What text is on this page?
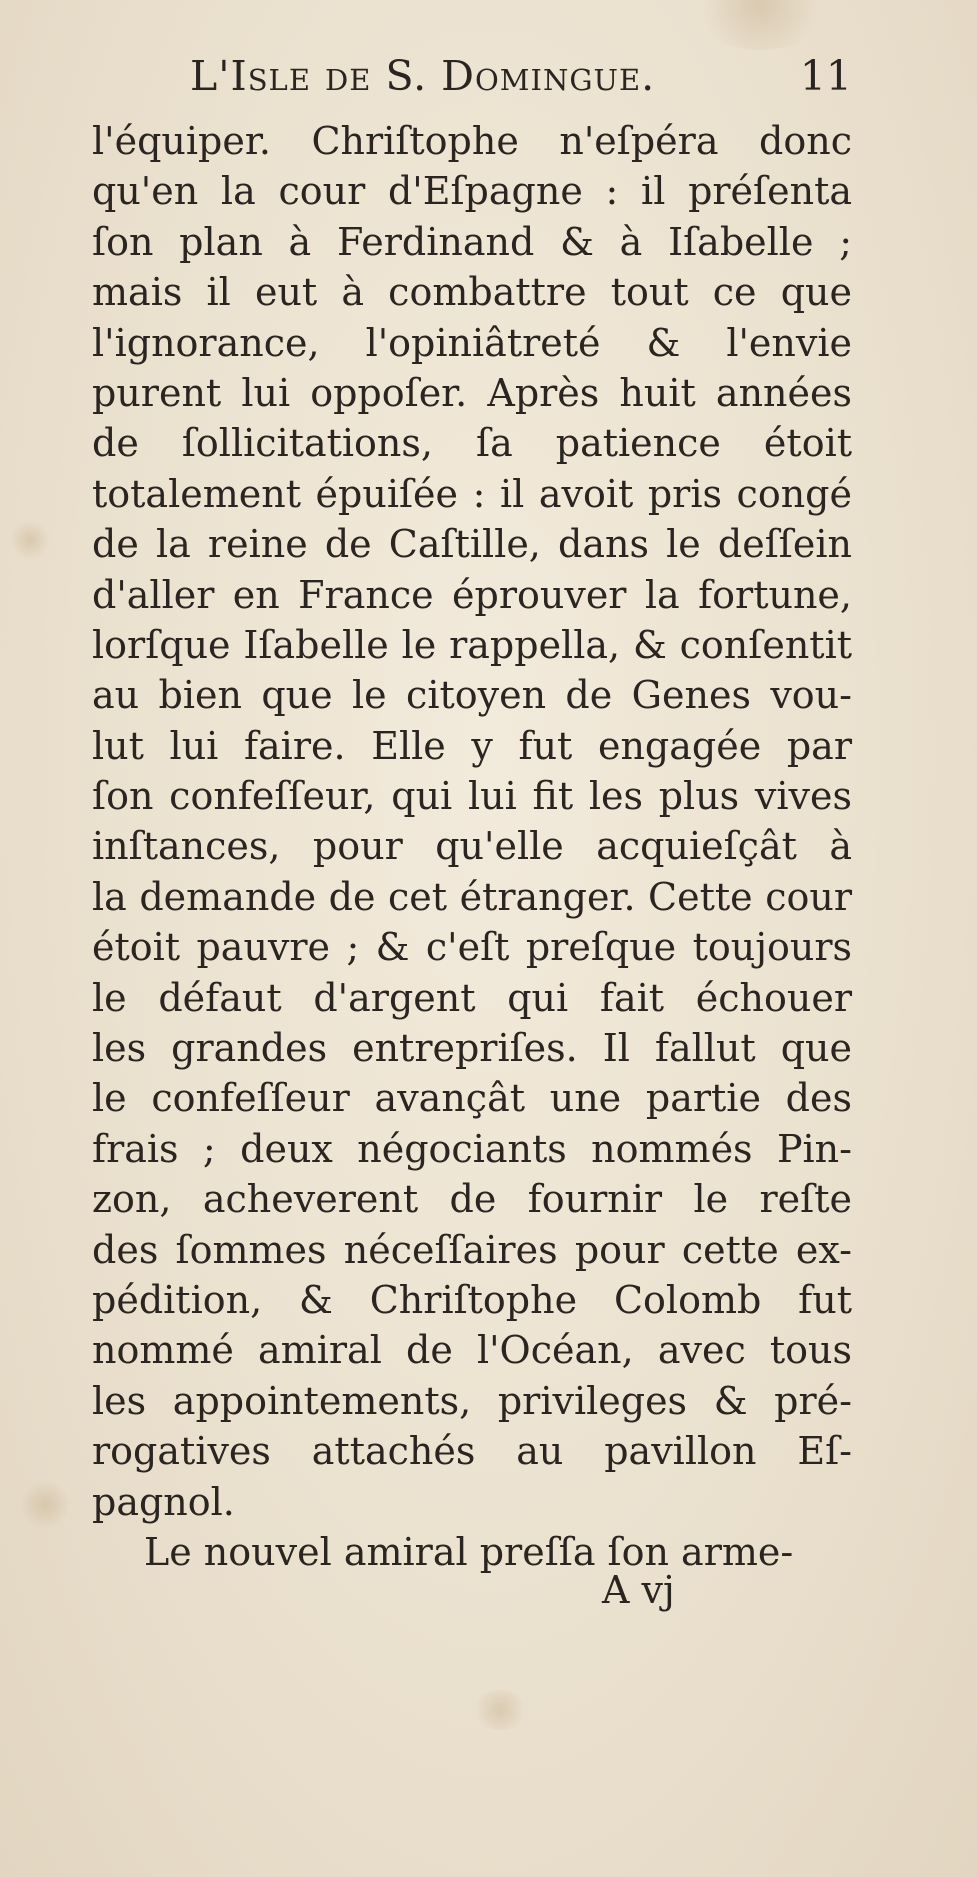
L'Isle de S. Domingue.	11
l'équiper. Chriſtophe n'eſpéra donc
qu'en la cour d'Eſpagne : il préſenta
ſon plan à Ferdinand & à Iſabelle ;
mais il eut à combattre tout ce que
l'ignorance, l'opiniâtreté & l'envie
purent lui oppoſer. Après huit années
de ſollicitations, ſa patience étoit
totalement épuiſée : il avoit pris congé
de la reine de Caſtille, dans le deſſein
d'aller en France éprouver la fortune,
lorſque Iſabelle le rappella, & conſentit
au bien que le citoyen de Genes vou-
lut lui faire. Elle y fut engagée par
ſon confeſſeur, qui lui fit les plus vives
inſtances, pour qu'elle acquieſçât à
la demande de cet étranger. Cette cour
étoit pauvre ; & c'eſt preſque toujours
le défaut d'argent qui fait échouer
les grandes entrepriſes. Il fallut que
le confeſſeur avançât une partie des
frais ; deux négociants nommés Pin-
zon, acheverent de fournir le reſte
des ſommes néceſſaires pour cette ex-
pédition, & Chriſtophe Colomb fut
nommé amiral de l'Océan, avec tous
les appointements, privileges & pré-
rogatives attachés au pavillon Eſ-
pagnol.
Le nouvel amiral preſſa ſon arme-
A vj
